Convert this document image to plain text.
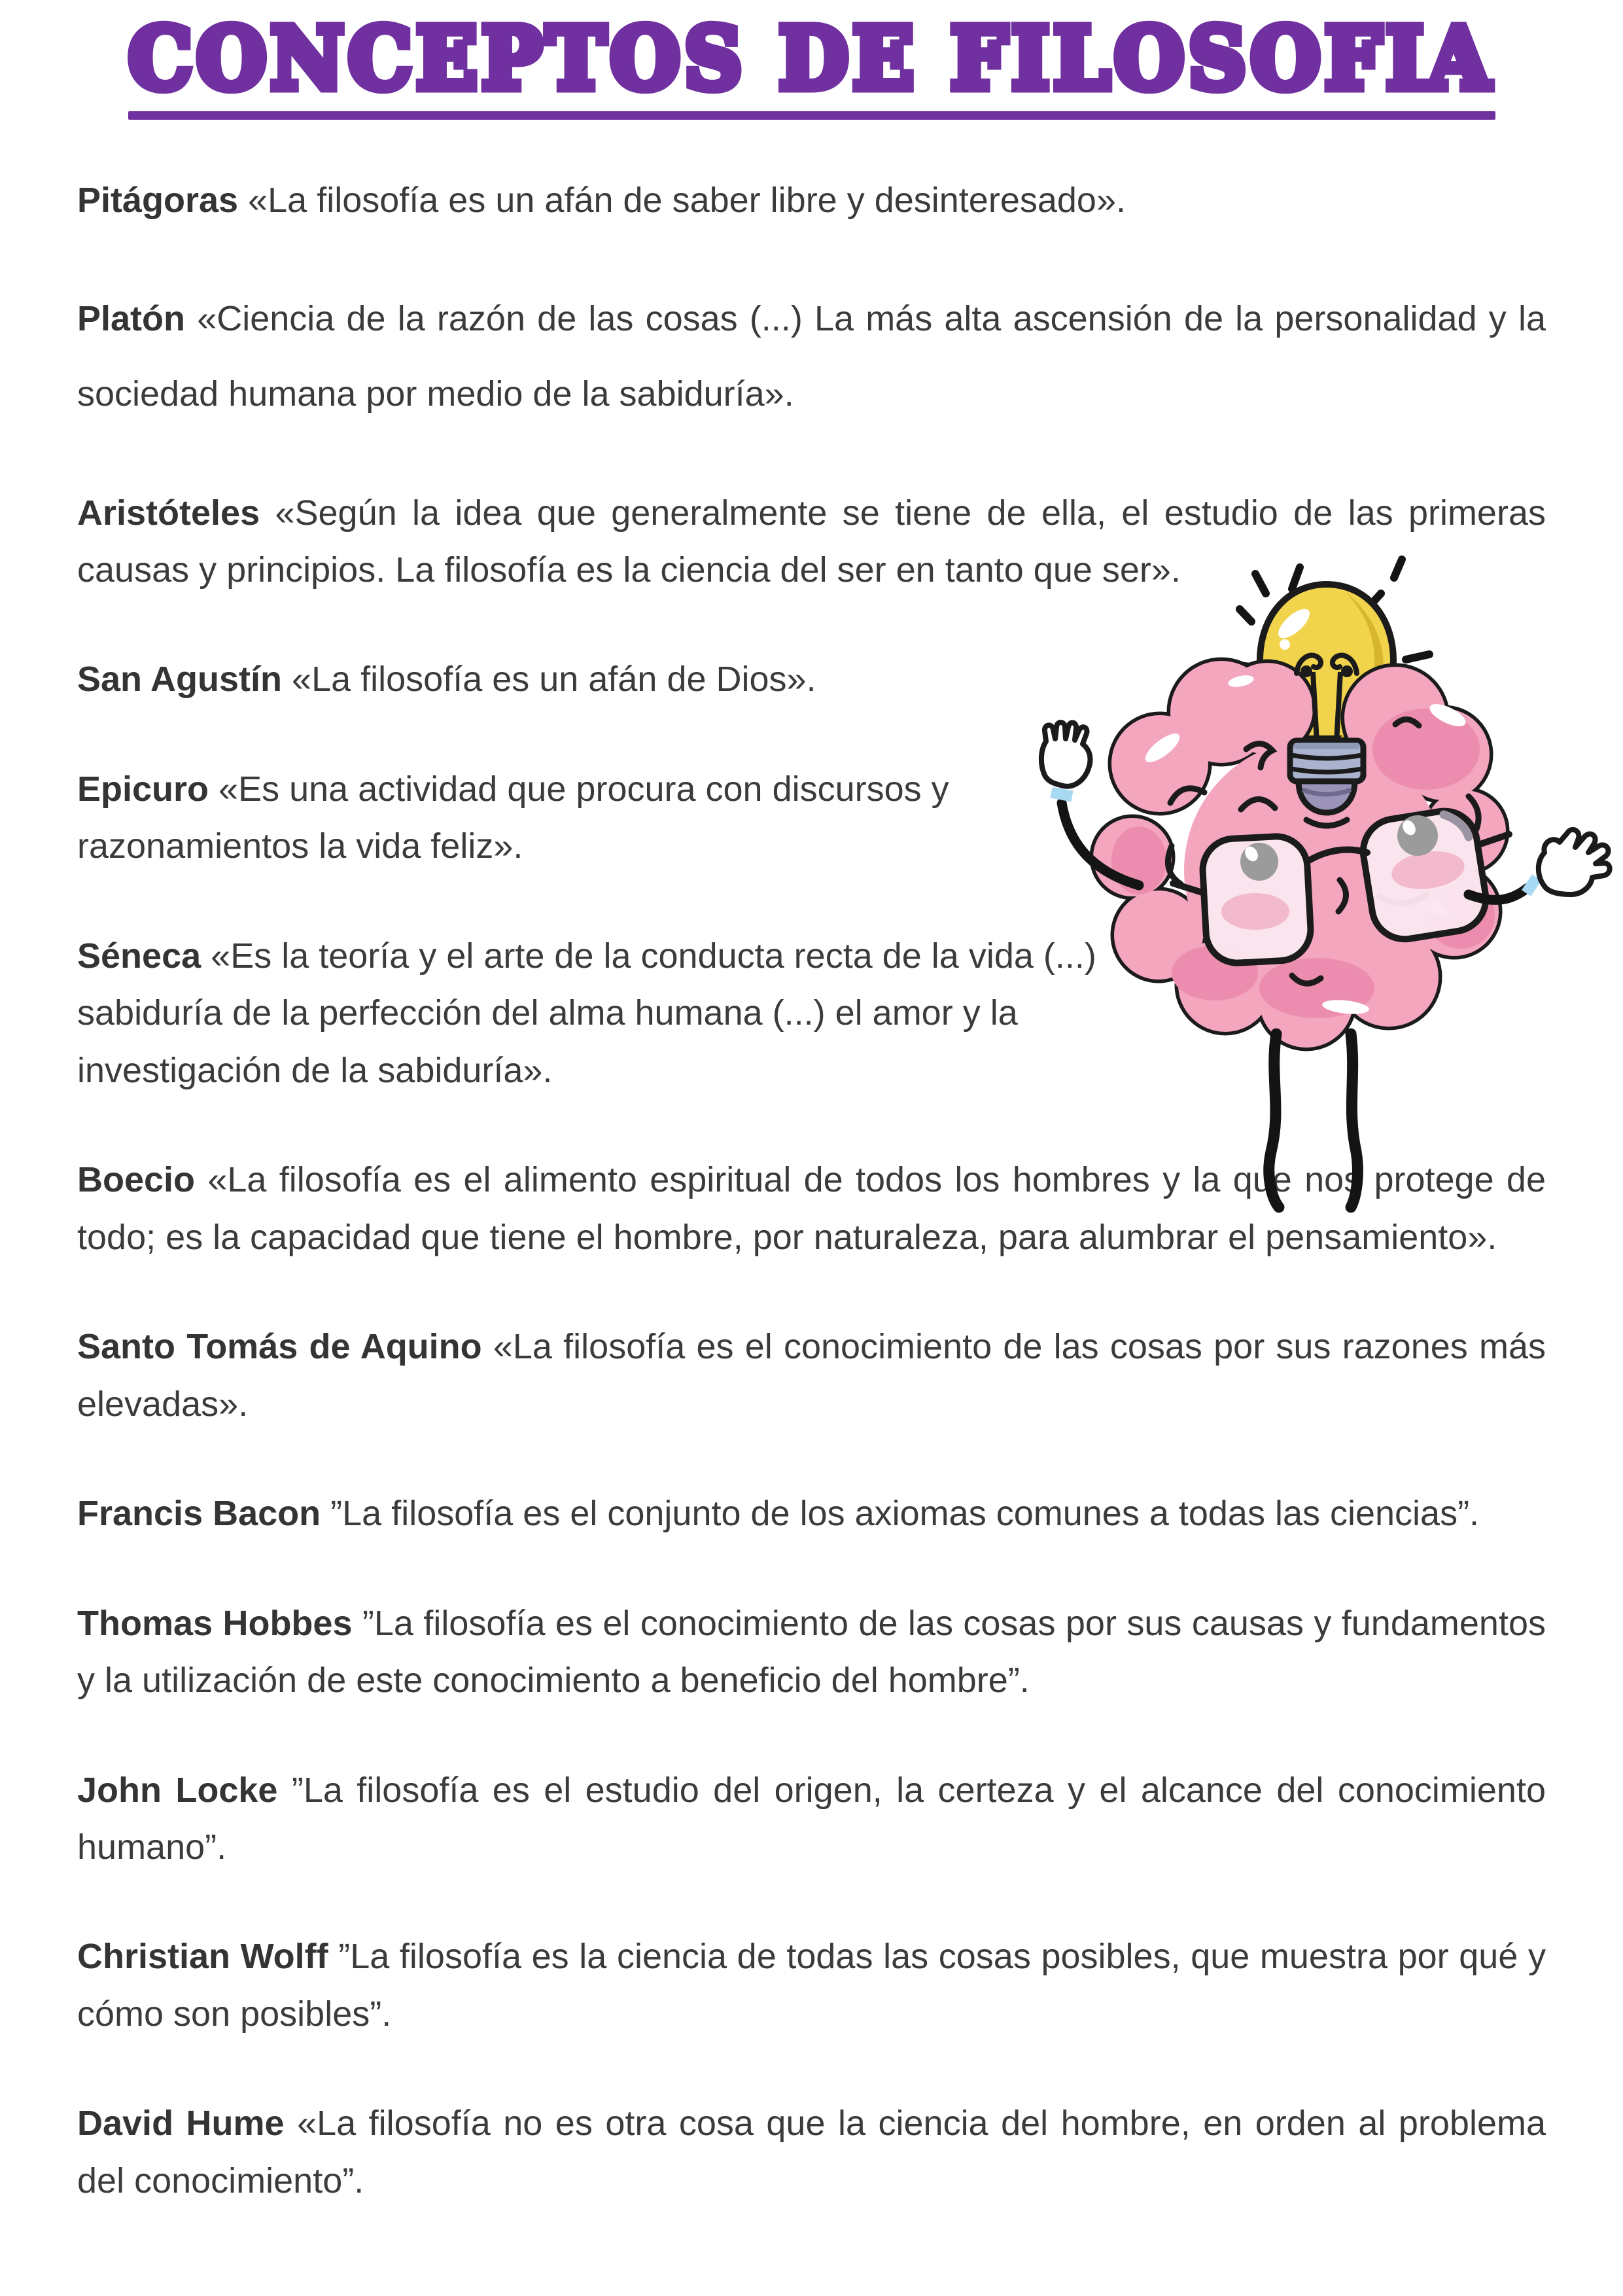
CONCEPTOS DE FILOSOFIA

Pitágoras «La filosofía es un afán de saber libre y desinteresado».

Platón «Ciencia de la razón de las cosas (...) La más alta ascensión de la personalidad y la sociedad humana por medio de la sabiduría».

Aristóteles «Según la idea que generalmente se tiene de ella, el estudio de las primeras causas y principios. La filosofía es la ciencia del ser en tanto que ser».

San Agustín «La filosofía es un afán de Dios».

Epicuro «Es una actividad que procura con discursos y razonamientos la vida feliz».

Séneca «Es la teoría y el arte de la conducta recta de la vida (...) sabiduría de la perfección del alma humana (...) el amor y la investigación de la sabiduría».

Boecio «La filosofía es el alimento espiritual de todos los hombres y la que nos protege de todo; es la capacidad que tiene el hombre, por naturaleza, para alumbrar el pensamiento».

Santo Tomás de Aquino «La filosofía es el conocimiento de las cosas por sus razones más elevadas».

Francis Bacon ”La filosofía es el conjunto de los axiomas comunes a todas las ciencias”.

Thomas Hobbes ”La filosofía es el conocimiento de las cosas por sus causas y fundamentos y la utilización de este conocimiento a beneficio del hombre”.

John Locke ”La filosofía es el estudio del origen, la certeza y el alcance del conocimiento humano”.

Christian Wolff ”La filosofía es la ciencia de todas las cosas posibles, que muestra por qué y cómo son posibles”.

David Hume «La filosofía no es otra cosa que la ciencia del hombre, en orden al problema del conocimiento”.
